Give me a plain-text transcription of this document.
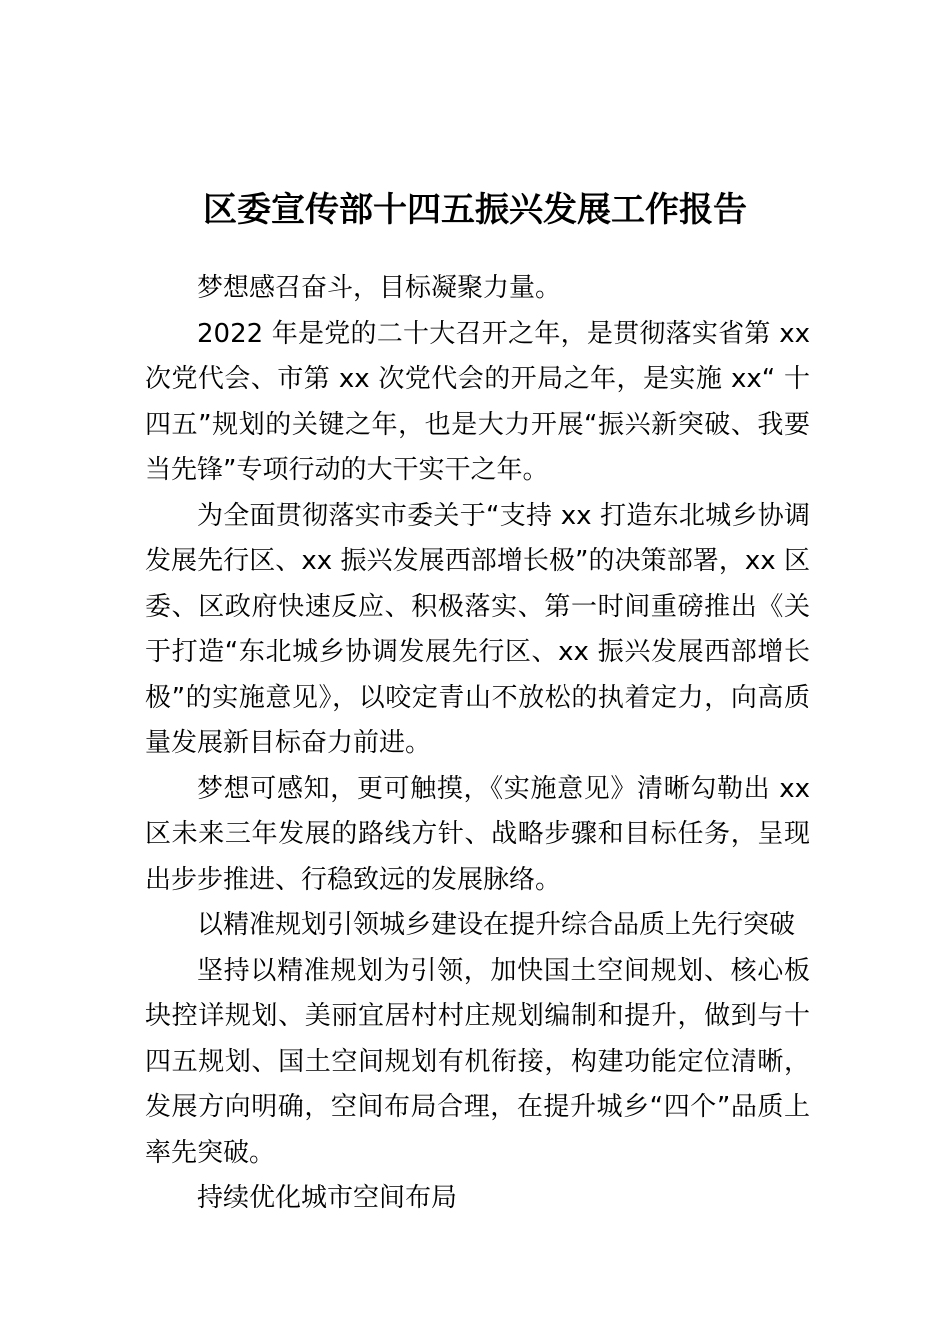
区委宣传部十四五振兴发展工作报告

梦想感召奋斗，目标凝聚力量。

2022 年是党的二十大召开之年，是贯彻落实省第 xx 次党代会、市第 xx 次党代会的开局之年，是实施 xx“ 十四五”规划的关键之年，也是大力开展“振兴新突破、我要当先锋”专项行动的大干实干之年。

为全面贯彻落实市委关于“支持 xx 打造东北城乡协调发展先行区、xx 振兴发展西部增长极”的决策部署，xx 区委、区政府快速反应、积极落实、第一时间重磅推出《关于打造“东北城乡协调发展先行区、xx 振兴发展西部增长极”的实施意见》，以咬定青山不放松的执着定力，向高质量发展新目标奋力前进。

梦想可感知，更可触摸，《实施意见》清晰勾勒出 xx 区未来三年发展的路线方针、战略步骤和目标任务，呈现出步步推进、行稳致远的发展脉络。

以精准规划引领城乡建设在提升综合品质上先行突破

坚持以精准规划为引领，加快国土空间规划、核心板块控详规划、美丽宜居村村庄规划编制和提升，做到与十四五规划、国土空间规划有机衔接，构建功能定位清晰，发展方向明确，空间布局合理，在提升城乡“四个”品质上率先突破。

持续优化城市空间布局
